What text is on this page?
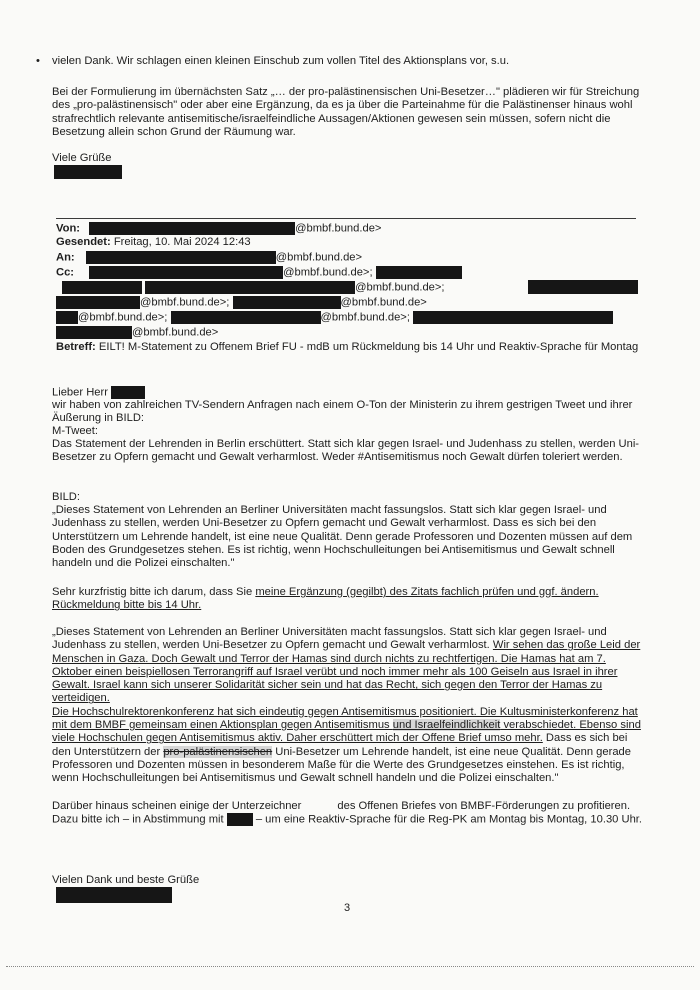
• vielen Dank. Wir schlagen einen kleinen Einschub zum vollen Titel des Aktionsplans vor, s.u.

Bei der Formulierung im übernächsten Satz „… der pro-palästinensischen Uni-Besetzer…" plädieren wir für Streichung des „pro-palästinensisch" oder aber eine Ergänzung, da es ja über die Parteinahme für die Palästinenser hinaus wohl strafrechtlich relevante antisemitische/israelfeindliche Aussagen/Aktionen gewesen sein müssen, sofern nicht die Besetzung allein schon Grund der Räumung war.

Viele Grüße

Von:	@bmbf.bund.de>
Gesendet: Freitag, 10. Mai 2024 12:43
An:	@bmbf.bund.de>
Cc:	@bmbf.bund.de>;
@bmbf.bund.de>;
@bmbf.bund.de>;	@bmbf.bund.de>
@bmbf.bund.de>;	@bmbf.bund.de>;
@bmbf.bund.de>
Betreff: EILT! M-Statement zu Offenem Brief FU - mdB um Rückmeldung bis 14 Uhr und Reaktiv-Sprache für Montag

Lieber Herr

wir haben von zahlreichen TV-Sendern Anfragen nach einem O-Ton der Ministerin zu ihrem gestrigen Tweet und ihrer Äußerung in BILD:

M-Tweet:

Das Statement der Lehrenden in Berlin erschüttert. Statt sich klar gegen Israel- und Judenhass zu stellen, werden Uni-Besetzer zu Opfern gemacht und Gewalt verharmlost. Weder #Antisemitismus noch Gewalt dürfen toleriert werden.

BILD:

„Dieses Statement von Lehrenden an Berliner Universitäten macht fassungslos. Statt sich klar gegen Israel- und Judenhass zu stellen, werden Uni-Besetzer zu Opfern gemacht und Gewalt verharmlost. Dass es sich bei den Unterstützern um Lehrende handelt, ist eine neue Qualität. Denn gerade Professoren und Dozenten müssen auf dem Boden des Grundgesetzes stehen. Es ist richtig, wenn Hochschulleitungen bei Antisemitismus und Gewalt schnell handeln und die Polizei einschalten."

Sehr kurzfristig bitte ich darum, dass Sie meine Ergänzung (gegilbt) des Zitats fachlich prüfen und ggf. ändern. Rückmeldung bitte bis 14 Uhr.

„Dieses Statement von Lehrenden an Berliner Universitäten macht fassungslos. Statt sich klar gegen Israel- und Judenhass zu stellen, werden Uni-Besetzer zu Opfern gemacht und Gewalt verharmlost. Wir sehen das große Leid der Menschen in Gaza. Doch Gewalt und Terror der Hamas sind durch nichts zu rechtfertigen. Die Hamas hat am 7. Oktober einen beispiellosen Terrorangriff auf Israel verübt und noch immer mehr als 100 Geiseln aus Israel in ihrer Gewalt. Israel kann sich unserer Solidarität sicher sein und hat das Recht, sich gegen den Terror der Hamas zu verteidigen.
Die Hochschulrektorenkonferenz hat sich eindeutig gegen Antisemitismus positioniert. Die Kultusministerkonferenz hat mit dem BMBF gemeinsam einen Aktionsplan gegen Antisemitismus und Israelfeindlichkeit verabschiedet. Ebenso sind viele Hochschulen gegen Antisemitismus aktiv. Daher erschüttert mich der Offene Brief umso mehr. Dass es sich bei den Unterstützern der pro-palästinensischen Uni-Besetzer um Lehrende handelt, ist eine neue Qualität. Denn gerade Professoren und Dozenten müssen in besonderem Maße für die Werte des Grundgesetzes einstehen. Es ist richtig, wenn Hochschulleitungen bei Antisemitismus und Gewalt schnell handeln und die Polizei einschalten."

Darüber hinaus scheinen einige der Unterzeichner	des Offenen Briefes von BMBF-Förderungen zu profitieren.
Dazu bitte ich – in Abstimmung mit	– um eine Reaktiv-Sprache für die Reg-PK am Montag bis Montag, 10.30 Uhr.

Vielen Dank und beste Grüße

3
